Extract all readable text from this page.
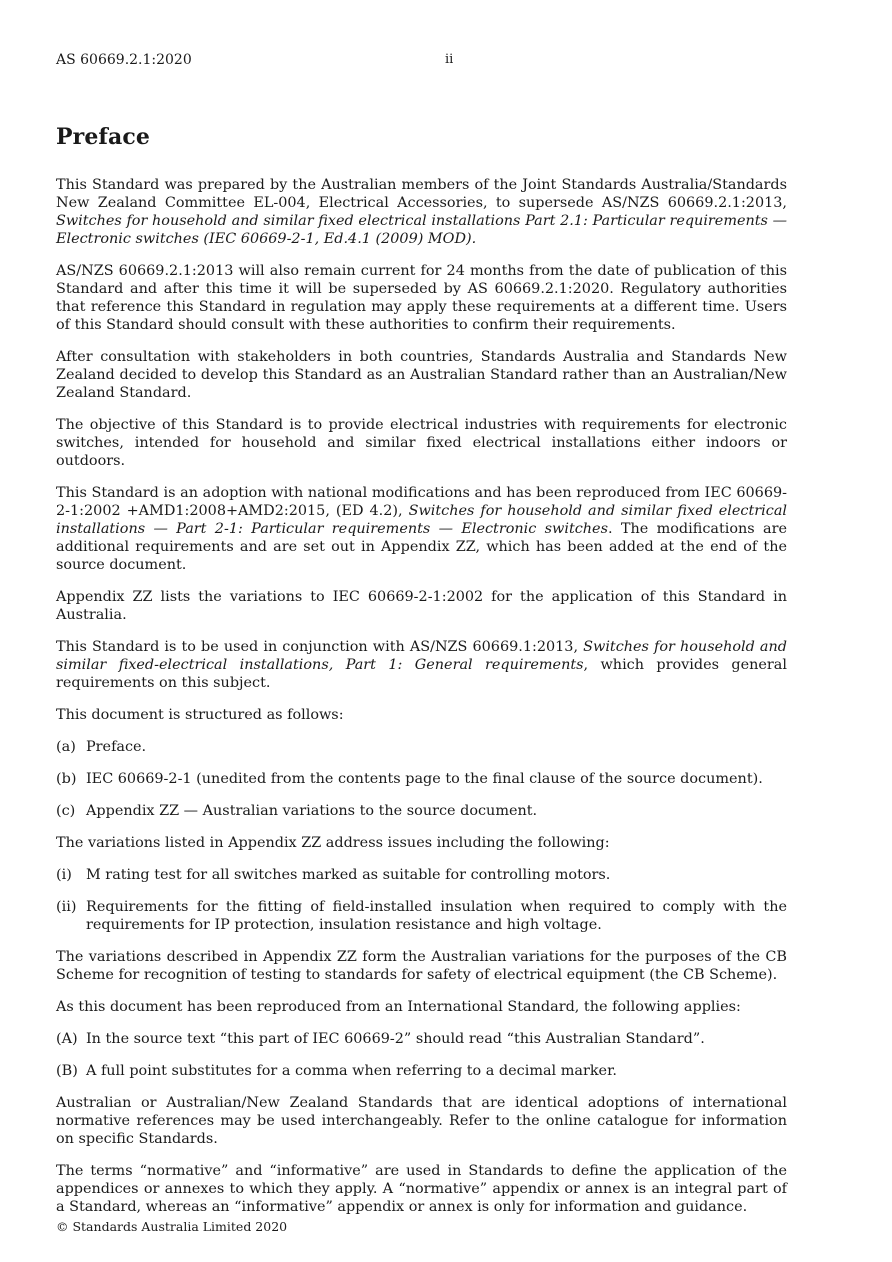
AS 60669.2.1:2020	ii
Preface

This Standard was prepared by the Australian members of the Joint Standards Australia/Standards New Zealand Committee EL-004, Electrical Accessories, to supersede AS/NZS 60669.2.1:2013, Switches for household and similar fixed electrical installations Part 2.1: Particular requirements — Electronic switches (IEC 60669-2-1, Ed.4.1 (2009) MOD).

AS/NZS 60669.2.1:2013 will also remain current for 24 months from the date of publication of this Standard and after this time it will be superseded by AS 60669.2.1:2020. Regulatory authorities that reference this Standard in regulation may apply these requirements at a different time. Users of this Standard should consult with these authorities to confirm their requirements.

After consultation with stakeholders in both countries, Standards Australia and Standards New Zealand decided to develop this Standard as an Australian Standard rather than an Australian/New Zealand Standard.

The objective of this Standard is to provide electrical industries with requirements for electronic switches, intended for household and similar fixed electrical installations either indoors or outdoors.

This Standard is an adoption with national modifications and has been reproduced from IEC 60669-2-1:2002 +AMD1:2008+AMD2:2015, (ED 4.2), Switches for household and similar fixed electrical installations — Part 2-1: Particular requirements — Electronic switches. The modifications are additional requirements and are set out in Appendix ZZ, which has been added at the end of the source document.

Appendix ZZ lists the variations to IEC 60669-2-1:2002 for the application of this Standard in Australia.

This Standard is to be used in conjunction with AS/NZS 60669.1:2013, Switches for household and similar fixed-electrical installations, Part 1: General requirements, which provides general requirements on this subject.

This document is structured as follows:

(a) Preface.
(b) IEC 60669-2-1 (unedited from the contents page to the final clause of the source document).
(c) Appendix ZZ — Australian variations to the source document.

The variations listed in Appendix ZZ address issues including the following:

(i) M rating test for all switches marked as suitable for controlling motors.
(ii) Requirements for the fitting of field-installed insulation when required to comply with the requirements for IP protection, insulation resistance and high voltage.

The variations described in Appendix ZZ form the Australian variations for the purposes of the CB Scheme for recognition of testing to standards for safety of electrical equipment (the CB Scheme).

As this document has been reproduced from an International Standard, the following applies:

(A) In the source text “this part of IEC 60669-2” should read “this Australian Standard”.
(B) A full point substitutes for a comma when referring to a decimal marker.

Australian or Australian/New Zealand Standards that are identical adoptions of international normative references may be used interchangeably. Refer to the online catalogue for information on specific Standards.

The terms “normative” and “informative” are used in Standards to define the application of the appendices or annexes to which they apply. A “normative” appendix or annex is an integral part of a Standard, whereas an “informative” appendix or annex is only for information and guidance.

© Standards Australia Limited 2020
